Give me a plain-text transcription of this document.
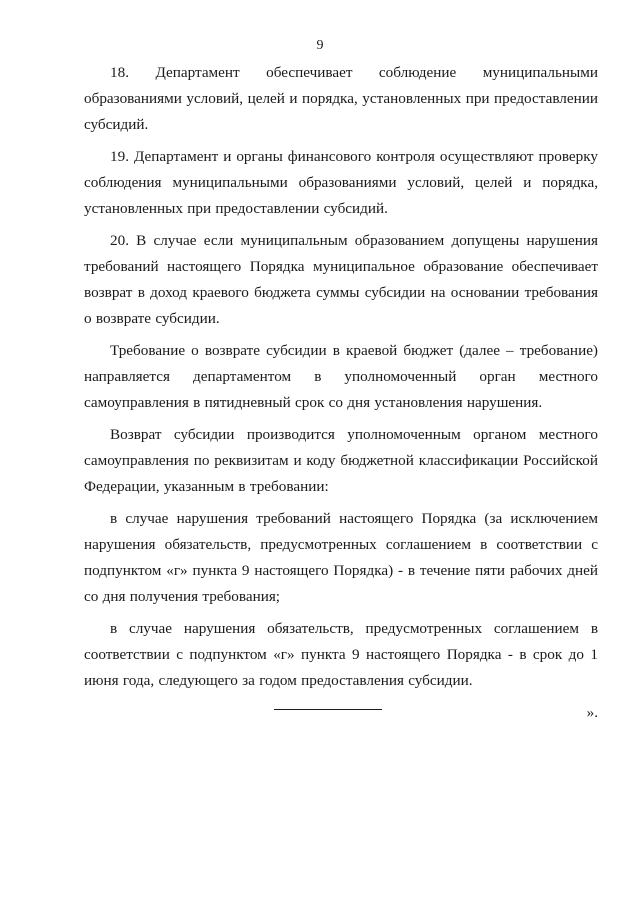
9

18. Департамент обеспечивает соблюдение муниципальными образованиями условий, целей и порядка, установленных при предоставлении субсидий.

19. Департамент и органы финансового контроля осуществляют проверку соблюдения муниципальными образованиями условий, целей и порядка, установленных при предоставлении субсидий.

20. В случае если муниципальным образованием допущены нарушения требований настоящего Порядка муниципальное образование обеспечивает возврат в доход краевого бюджета суммы субсидии на основании требования о возврате субсидии.

Требование о возврате субсидии в краевой бюджет (далее – требование) направляется департаментом в уполномоченный орган местного самоуправления в пятидневный срок со дня установления нарушения.

Возврат субсидии производится уполномоченным органом местного самоуправления по реквизитам и коду бюджетной классификации Российской Федерации, указанным в требовании:

в случае нарушения требований настоящего Порядка (за исключением нарушения обязательств, предусмотренных соглашением в соответствии с подпунктом «г» пункта 9 настоящего Порядка) - в течение пяти рабочих дней со дня получения требования;

в случае нарушения обязательств, предусмотренных соглашением в соответствии с подпунктом «г» пункта 9 настоящего Порядка - в срок до 1 июня года, следующего за годом предоставления субсидии.

».
